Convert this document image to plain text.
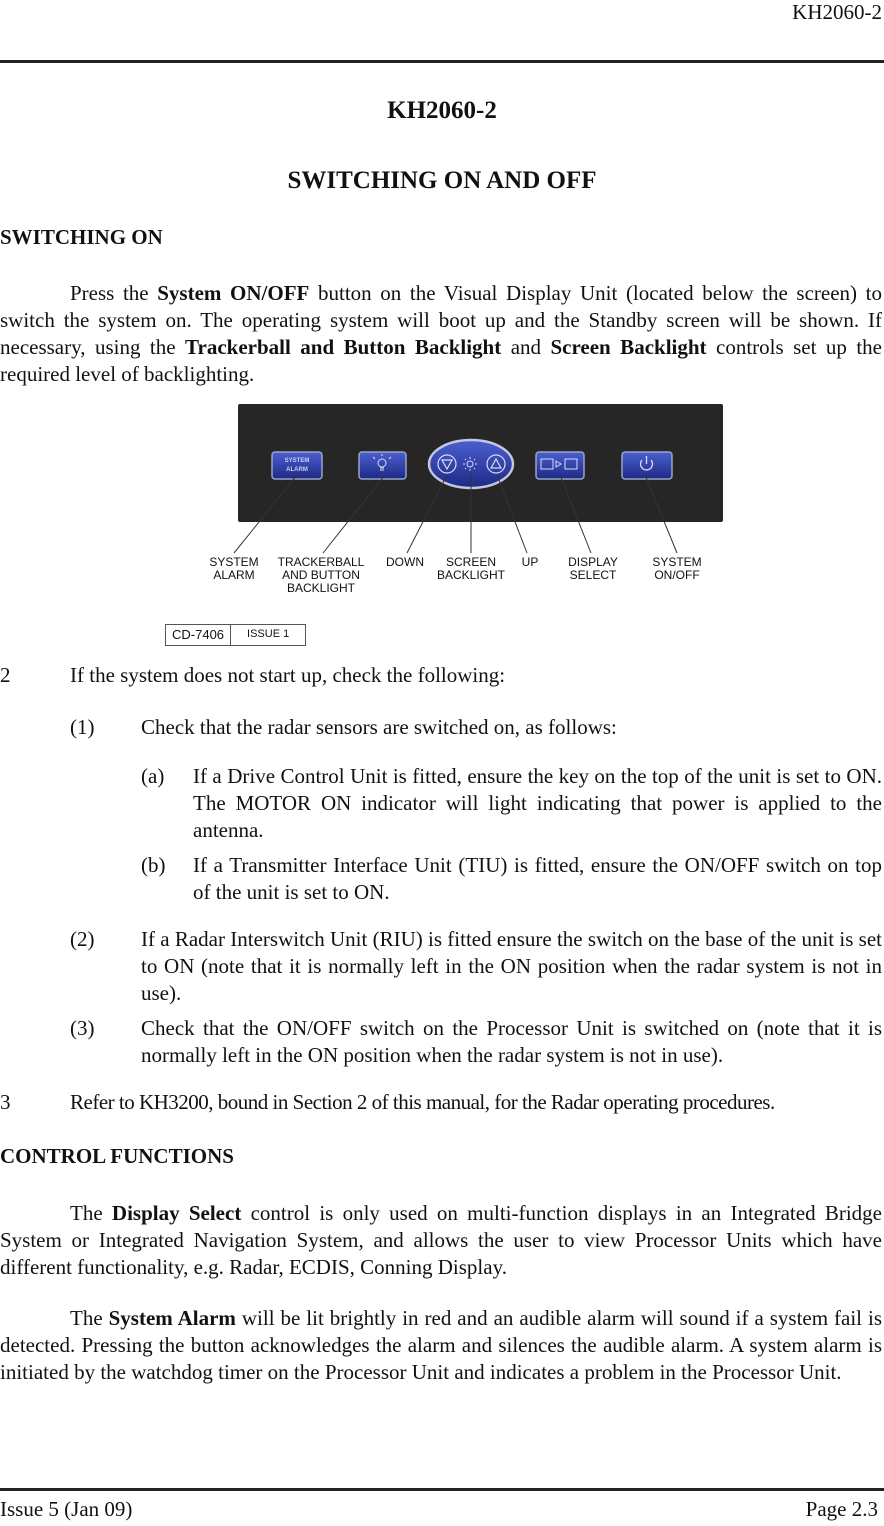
KH2060-2
KH2060-2
SWITCHING ON AND OFF
SWITCHING ON
Press the System ON/OFF button on the Visual Display Unit (located below the screen) to switch the system on. The operating system will boot up and the Standby screen will be shown. If necessary, using the Trackerball and Button Backlight and Screen Backlight controls set up the required level of backlighting.
SYSTEM
ALARM
SYSTEM
ALARM
TRACKERBALL
AND BUTTON
BACKLIGHT
DOWN	SCREEN
BACKLIGHT
UP	DISPLAY
SELECT
SYSTEM
ON/OFF
CD-7406	ISSUE 1
2	If the system does not start up, check the following:
(1) Check that the radar sensors are switched on, as follows:
(a) If a Drive Control Unit is fitted, ensure the key on the top of the unit is set to ON. The MOTOR ON indicator will light indicating that power is applied to the antenna.
(b) If a Transmitter Interface Unit (TIU) is fitted, ensure the ON/OFF switch on top of the unit is set to ON.
(2) If a Radar Interswitch Unit (RIU) is fitted ensure the switch on the base of the unit is set to ON (note that it is normally left in the ON position when the radar system is not in use).
(3) Check that the ON/OFF switch on the Processor Unit is switched on (note that it is normally left in the ON position when the radar system is not in use).
3	Refer to KH3200, bound in Section 2 of this manual, for the Radar operating procedures.
CONTROL FUNCTIONS
The Display Select control is only used on multi-function displays in an Integrated Bridge System or Integrated Navigation System, and allows the user to view Processor Units which have different functionality, e.g. Radar, ECDIS, Conning Display.
The System Alarm will be lit brightly in red and an audible alarm will sound if a system fail is detected. Pressing the button acknowledges the alarm and silences the audible alarm. A system alarm is initiated by the watchdog timer on the Processor Unit and indicates a problem in the Processor Unit.
Issue 5 (Jan 09)	Page 2.3
